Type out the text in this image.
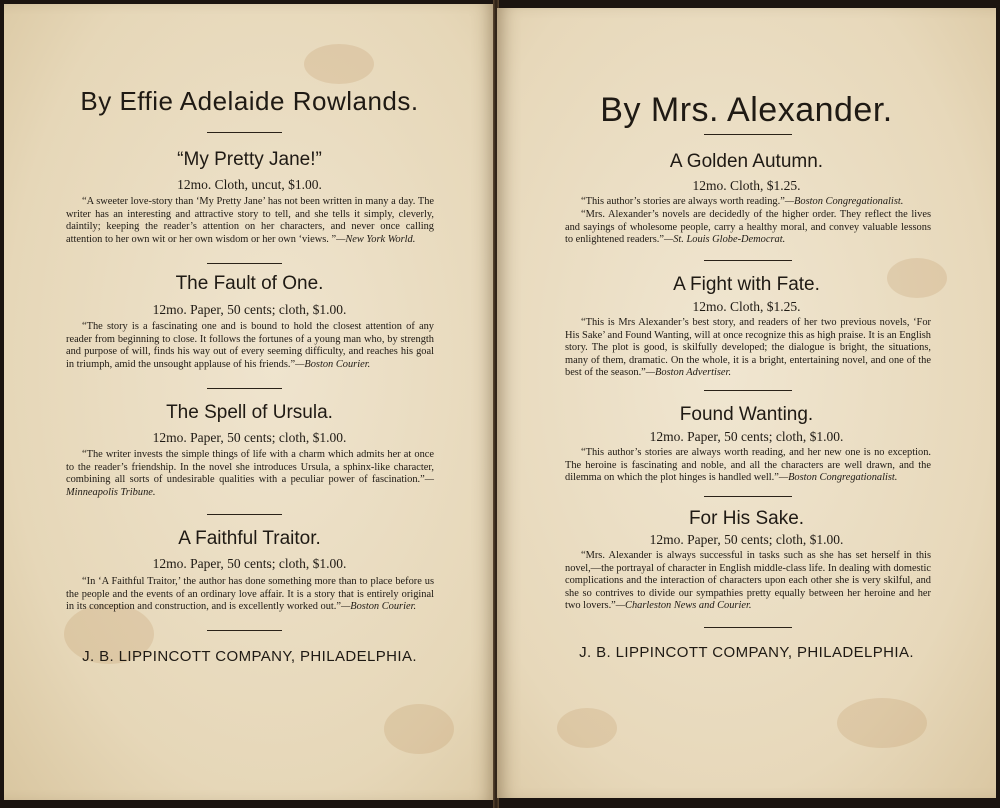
By Effie Adelaide Rowlands.
“My Pretty Jane!”
12mo. Cloth, uncut, $1.00.
“A sweeter love-story than ‘My Pretty Jane’ has not been written in many a day. The writer has an interesting and attractive story to tell, and she tells it simply, cleverly, daintily; keeping the reader’s attention on her characters, and never once calling attention to her own wit or her own wisdom or her own ‘views. ”—New York World.
The Fault of One.
12mo. Paper, 50 cents; cloth, $1.00.
“The story is a fascinating one and is bound to hold the closest attention of any reader from beginning to close. It follows the fortunes of a young man who, by strength and purpose of will, finds his way out of every seeming difficulty, and reaches his goal in triumph, amid the unsought applause of his friends.”—Boston Courier.
The Spell of Ursula.
12mo. Paper, 50 cents; cloth, $1.00.
“The writer invests the simple things of life with a charm which admits her at once to the reader’s friendship. In the novel she introduces Ursula, a sphinx-like character, combining all sorts of undesirable qualities with a peculiar power of fascination.”—Minneapolis Tribune.
A Faithful Traitor.
12mo. Paper, 50 cents; cloth, $1.00.
“In ‘A Faithful Traitor,’ the author has done something more than to place before us the people and the events of an ordinary love affair. It is a story that is entirely original in its conception and construction, and is excellently worked out.”—Boston Courier.
J. B. LIPPINCOTT COMPANY, PHILADELPHIA.
By Mrs. Alexander.
A Golden Autumn.
12mo. Cloth, $1.25.
“This author’s stories are always worth reading.”—Boston Congregationalist.
“Mrs. Alexander’s novels are decidedly of the higher order. They reflect the lives and sayings of wholesome people, carry a healthy moral, and convey valuable lessons to enlightened readers.”—St. Louis Globe-Democrat.
A Fight with Fate.
12mo. Cloth, $1.25.
“This is Mrs Alexander’s best story, and readers of her two previous novels, ‘For His Sake’ and Found Wanting, will at once recognize this as high praise. It is an English story. The plot is good, is skilfully developed; the dialogue is bright, the situations, many of them, dramatic. On the whole, it is a bright, entertaining novel, and one of the best of the season.”—Boston Advertiser.
Found Wanting.
12mo. Paper, 50 cents; cloth, $1.00.
“This author’s stories are always worth reading, and her new one is no exception. The heroine is fascinating and noble, and all the characters are well drawn, and the dilemma on which the plot hinges is handled well.”—Boston Congregationalist.
For His Sake.
12mo. Paper, 50 cents; cloth, $1.00.
“Mrs. Alexander is always successful in tasks such as she has set herself in this novel,—the portrayal of character in English middle-class life. In dealing with domestic complications and the interaction of characters upon each other she is very skilful, and she so contrives to divide our sympathies pretty equally between her heroine and her two lovers.”—Charleston News and Courier.
J. B. LIPPINCOTT COMPANY, PHILADELPHIA.
